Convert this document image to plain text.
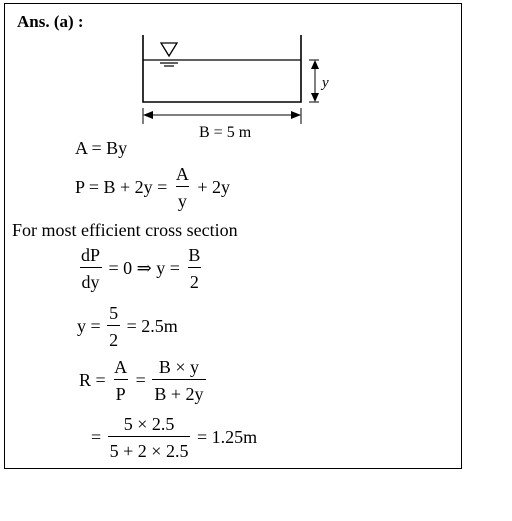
Ans. (a) :
y
B = 5 m
A = By
$P = B + 2y = \frac{A}{y} + 2y$
For most efficient cross section
$\frac{dP}{dy} = 0$ ⇒ $y = \frac{B}{2}$
$y = \frac{5}{2} = 2.5m$
$R = \frac{A}{P} = \frac{B \times y}{B + 2y}$
= $\frac{5 \times 2.5}{5 + 2 \times 2.5} = 1.25m$
